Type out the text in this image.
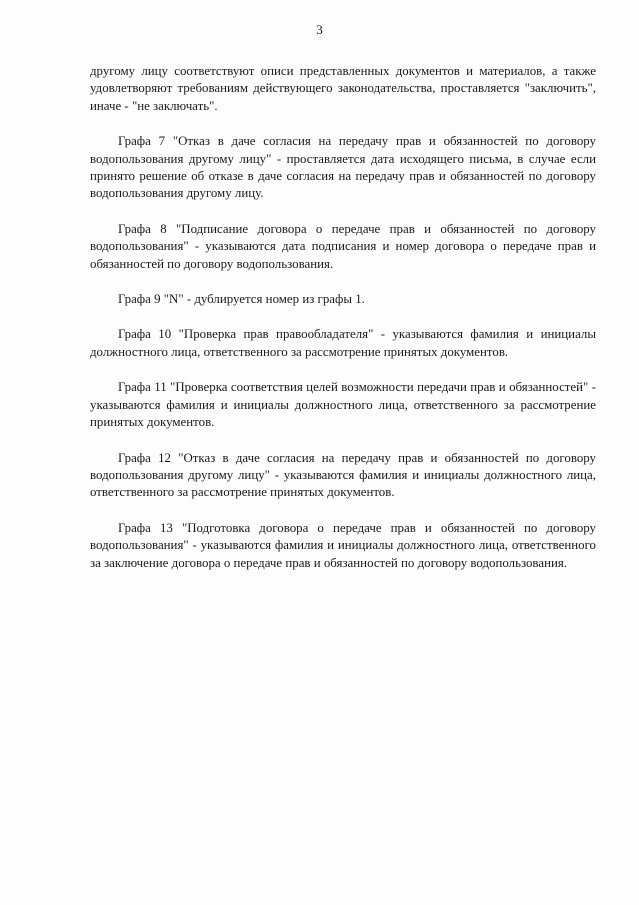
3

другому лицу соответствуют описи представленных документов и материалов, а также удовлетворяют требованиям действующего законодательства, проставляется "заключить", иначе - "не заключать".

Графа 7 "Отказ в даче согласия на передачу прав и обязанностей по договору водопользования другому лицу" - проставляется дата исходящего письма, в случае если принято решение об отказе в даче согласия на передачу прав и обязанностей по договору водопользования другому лицу.

Графа 8 "Подписание договора о передаче прав и обязанностей по договору водопользования" - указываются дата подписания и номер договора о передаче прав и обязанностей по договору водопользования.

Графа 9 "N" - дублируется номер из графы 1.

Графа 10 "Проверка прав правообладателя" - указываются фамилия и инициалы должностного лица, ответственного за рассмотрение принятых документов.

Графа 11 "Проверка соответствия целей возможности передачи прав и обязанностей" - указываются фамилия и инициалы должностного лица, ответственного за рассмотрение принятых документов.

Графа 12 "Отказ в даче согласия на передачу прав и обязанностей по договору водопользования другому лицу" - указываются фамилия и инициалы должностного лица, ответственного за рассмотрение принятых документов.

Графа 13 "Подготовка договора о передаче прав и обязанностей по договору водопользования" - указываются фамилия и инициалы должностного лица, ответственного за заключение договора о передаче прав и обязанностей по договору водопользования.
